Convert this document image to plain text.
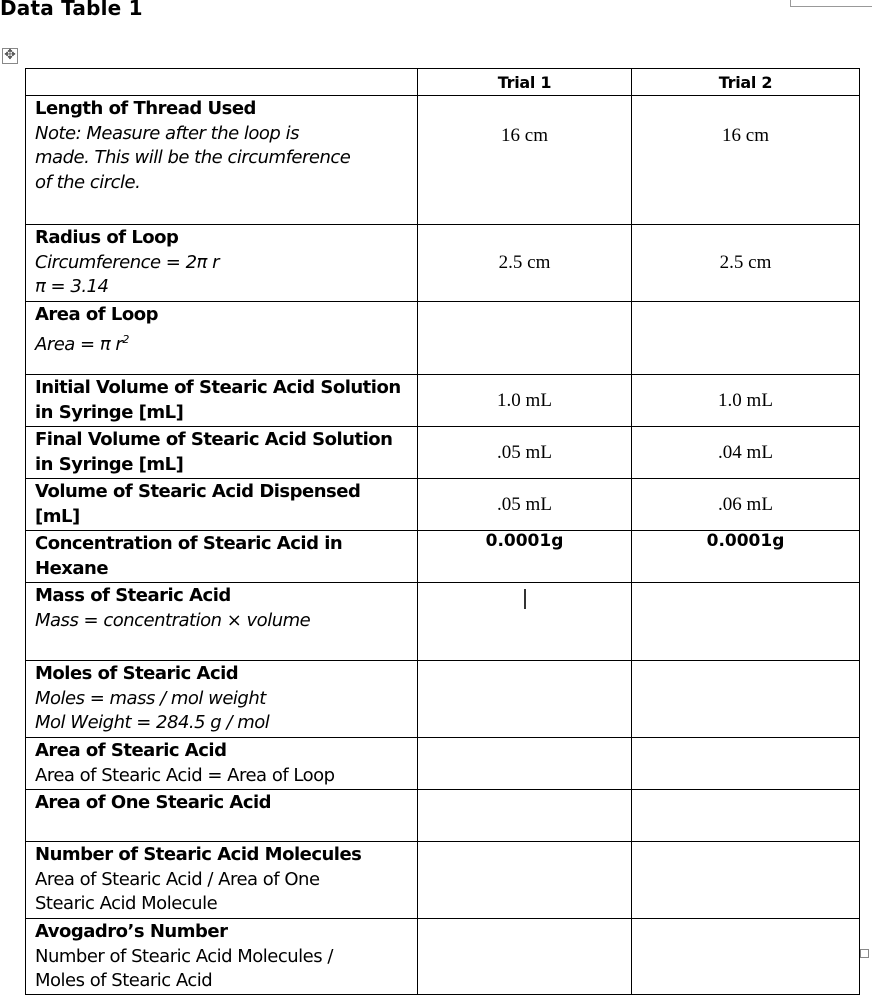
Data Table 1
✥
	Trial 1	Trial 2

Length of Thread Used
Note: Measure after the loop is
made. This will be the circumference
of the circle.	16 cm	16 cm

Radius of Loop
Circumference = 2π r
π = 3.14	2.5 cm	2.5 cm

Area of Loop
Area = π $r^2$

Initial Volume of Stearic Acid Solution
in Syringe [mL]	1.0 mL	1.0 mL

Final Volume of Stearic Acid Solution
in Syringe [mL]	.05 mL	.04 mL

Volume of Stearic Acid Dispensed
[mL]	.05 mL	.06 mL

Concentration of Stearic Acid in
Hexane	0.0001g	0.0001g

Mass of Stearic Acid
Mass = concentration × volume		

Moles of Stearic Acid
Moles = mass / mol weight
Mol Weight = 284.5 g / mol		

Area of Stearic Acid
Area of Stearic Acid = Area of Loop		

Area of One Stearic Acid		

Number of Stearic Acid Molecules
Area of Stearic Acid / Area of One
Stearic Acid Molecule		

Avogadro’s Number
Number of Stearic Acid Molecules /
Moles of Stearic Acid		
